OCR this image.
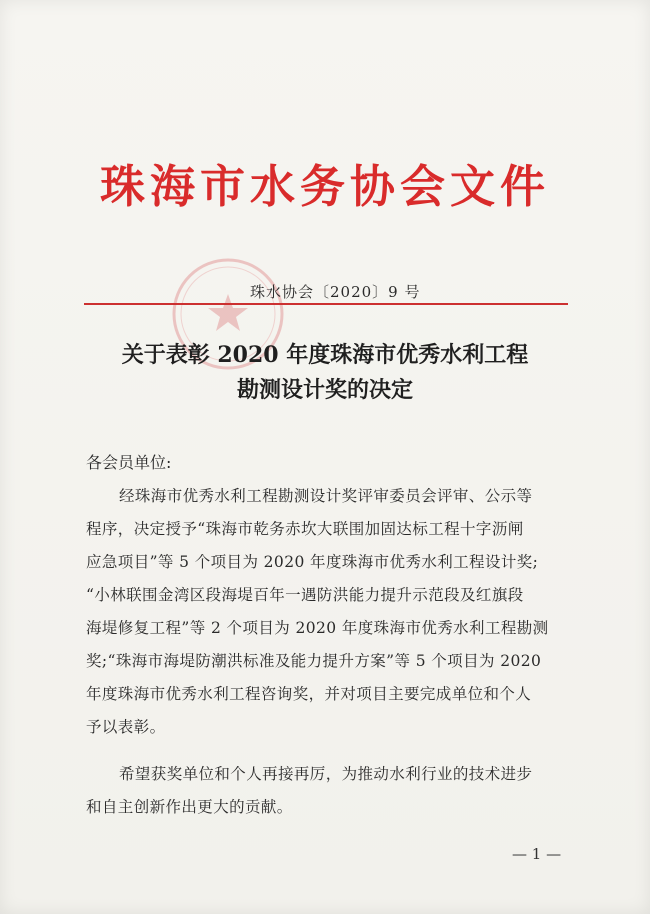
珠海市水务协会文件
珠水协会〔2020〕9 号
关于表彰 2020 年度珠海市优秀水利工程
勘测设计奖的决定
各会员单位:
经珠海市优秀水利工程勘测设计奖评审委员会评审、公示等
程序，决定授予“珠海市乾务赤坎大联围加固达标工程十字沥闸
应急项目”等 5 个项目为 2020 年度珠海市优秀水利工程设计奖;
“小林联围金湾区段海堤百年一遇防洪能力提升示范段及红旗段
海堤修复工程”等 2 个项目为 2020 年度珠海市优秀水利工程勘测
奖;“珠海市海堤防潮洪标准及能力提升方案”等 5 个项目为 2020
年度珠海市优秀水利工程咨询奖，并对项目主要完成单位和个人
予以表彰。
希望获奖单位和个人再接再厉，为推动水利行业的技术进步
和自主创新作出更大的贡献。
— 1 —
